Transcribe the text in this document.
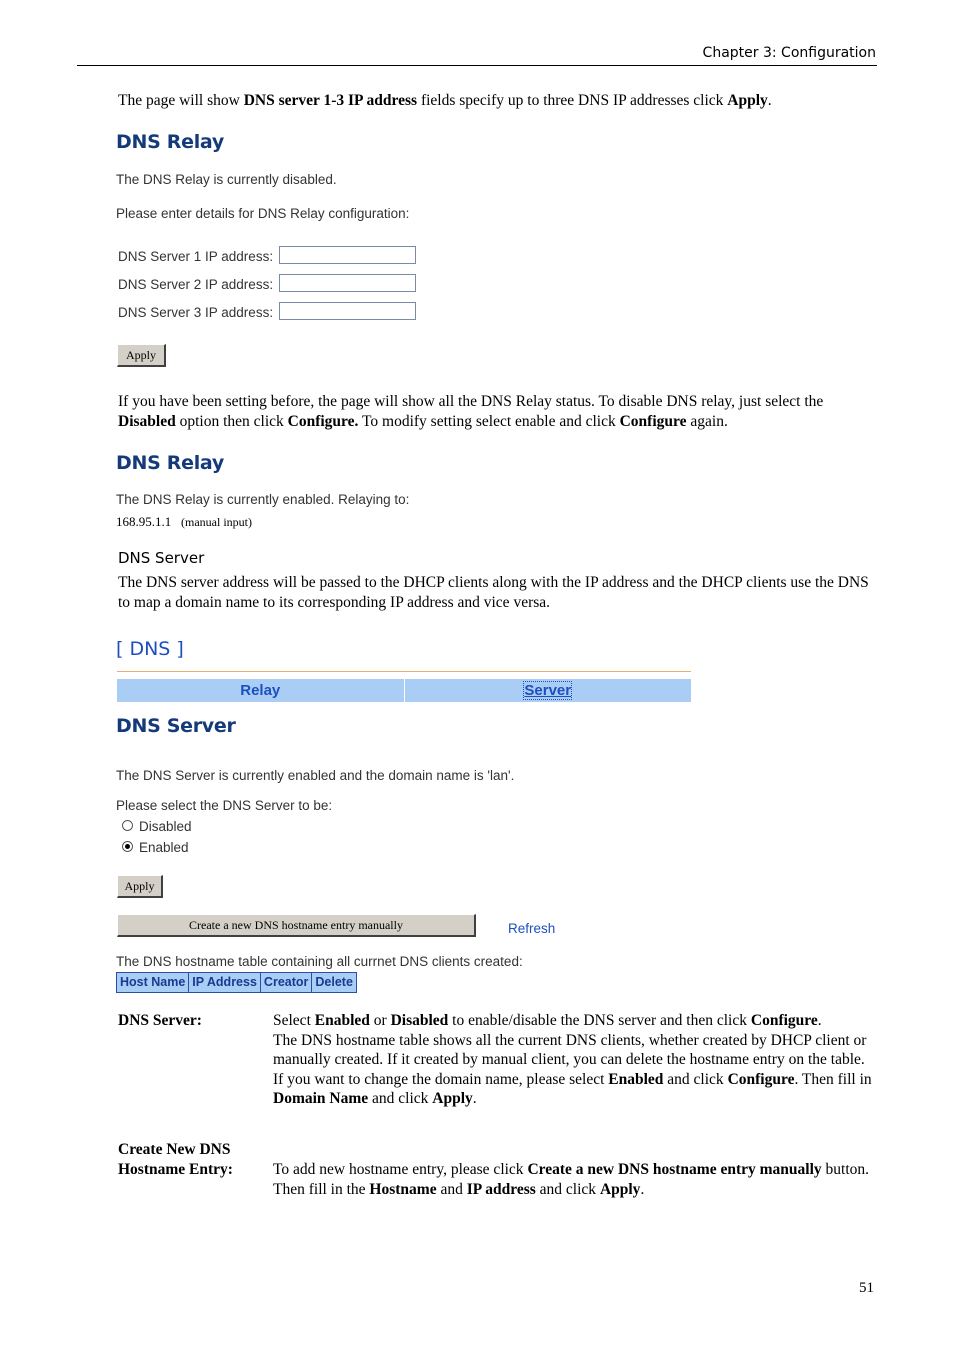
Chapter 3: Configuration
The page will show DNS server 1-3 IP address fields specify up to three DNS IP addresses click Apply.
DNS Relay
The DNS Relay is currently disabled.
Please enter details for DNS Relay configuration:
DNS Server 1 IP address:
DNS Server 2 IP address:
DNS Server 3 IP address:
Apply
If you have been setting before, the page will show all the DNS Relay status. To disable DNS relay, just select the Disabled option then click Configure. To modify setting select enable and click Configure again.
DNS Relay
The DNS Relay is currently enabled. Relaying to:
168.95.1.1 (manual input)
DNS Server
The DNS server address will be passed to the DHCP clients along with the IP address and the DHCP clients use the DNS to map a domain name to its corresponding IP address and vice versa.
[ DNS ]
Relay	Server
DNS Server
The DNS Server is currently enabled and the domain name is 'lan'.
Please select the DNS Server to be:
Disabled
Enabled
Apply
Create a new DNS hostname entry manually	Refresh
The DNS hostname table containing all currnet DNS clients created:
Host Name IP Address Creator Delete
DNS Server:	Select Enabled or Disabled to enable/disable the DNS server and then click Configure.
The DNS hostname table shows all the current DNS clients, whether created by DHCP client or manually created. If it created by manual client, you can delete the hostname entry on the table.
If you want to change the domain name, please select Enabled and click Configure. Then fill in Domain Name and click Apply.
Create New DNS
Hostname Entry:	To add new hostname entry, please click Create a new DNS hostname entry manually button. Then fill in the Hostname and IP address and click Apply.
51
